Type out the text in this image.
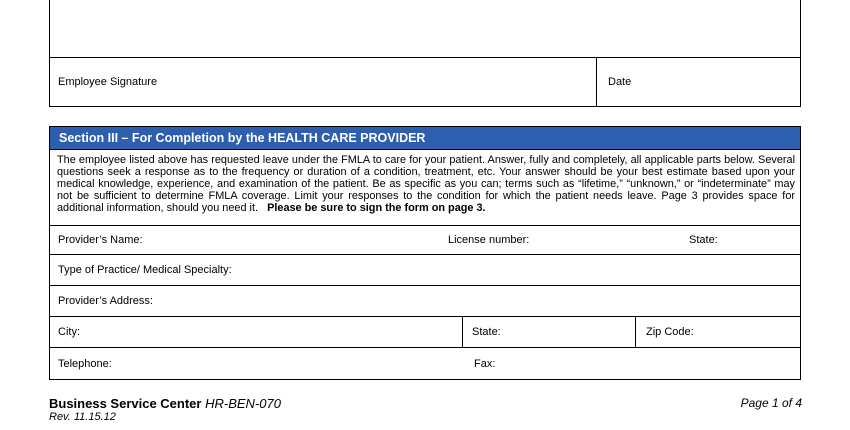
Employee Signature	Date
Section III – For Completion by the HEALTH CARE PROVIDER
The employee listed above has requested leave under the FMLA to care for your patient. Answer, fully and completely, all applicable parts below. Several questions seek a response as to the frequency or duration of a condition, treatment, etc. Your answer should be your best estimate based upon your medical knowledge, experience, and examination of the patient. Be as specific as you can; terms such as “lifetime,” “unknown,” or “indeterminate” may not be sufficient to determine FMLA coverage. Limit your responses to the condition for which the patient needs leave. Page 3 provides space for additional information, should you need it. Please be sure to sign the form on page 3.
Provider’s Name:	License number:	State:
Type of Practice/ Medical Specialty:
Provider’s Address:
City:	State:	Zip Code:
Telephone:	Fax:
Business Service Center HR-BEN-070
Rev. 11.15.12
Page 1 of 4
